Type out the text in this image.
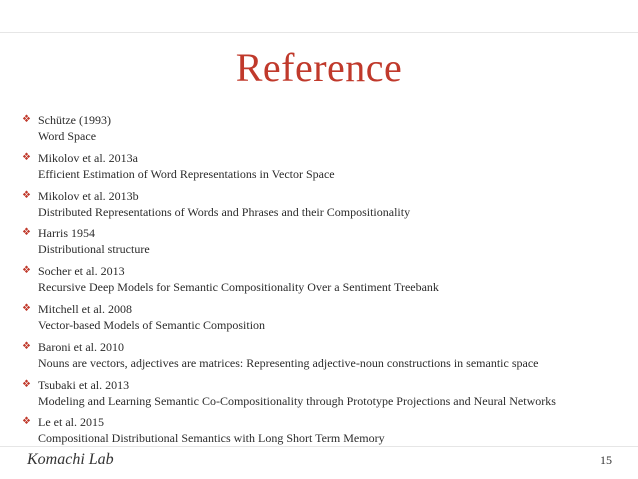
Reference
❖ Schütze (1993)
Word Space
❖ Mikolov et al. 2013a
Efficient Estimation of Word Representations in Vector Space
❖ Mikolov et al. 2013b
Distributed Representations of Words and Phrases and their Compositionality
❖ Harris 1954
Distributional structure
❖ Socher et al. 2013
Recursive Deep Models for Semantic Compositionality Over a Sentiment Treebank
❖ Mitchell et al. 2008
Vector-based Models of Semantic Composition
❖ Baroni et al. 2010
Nouns are vectors, adjectives are matrices: Representing adjective-noun constructions in semantic space
❖ Tsubaki et al. 2013
Modeling and Learning Semantic Co-Compositionality through Prototype Projections and Neural Networks
❖ Le et al. 2015
Compositional Distributional Semantics with Long Short Term Memory
Komachi Lab	15
